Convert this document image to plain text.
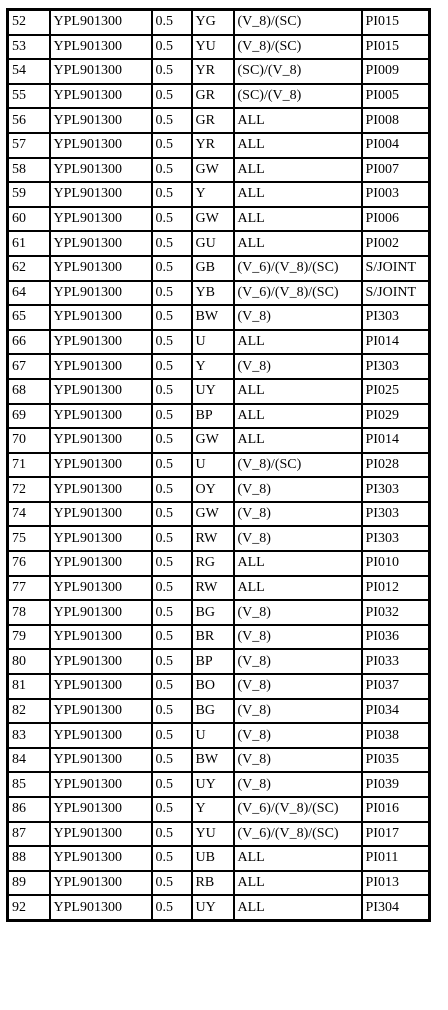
52	YPL901300	0.5	YG	(V_8)/(SC)	PI015
53	YPL901300	0.5	YU	(V_8)/(SC)	PI015
54	YPL901300	0.5	YR	(SC)/(V_8)	PI009
55	YPL901300	0.5	GR	(SC)/(V_8)	PI005
56	YPL901300	0.5	GR	ALL	PI008
57	YPL901300	0.5	YR	ALL	PI004
58	YPL901300	0.5	GW	ALL	PI007
59	YPL901300	0.5	Y	ALL	PI003
60	YPL901300	0.5	GW	ALL	PI006
61	YPL901300	0.5	GU	ALL	PI002
62	YPL901300	0.5	GB	(V_6)/(V_8)/(SC)	S/JOINT
64	YPL901300	0.5	YB	(V_6)/(V_8)/(SC)	S/JOINT
65	YPL901300	0.5	BW	(V_8)	PI303
66	YPL901300	0.5	U	ALL	PI014
67	YPL901300	0.5	Y	(V_8)	PI303
68	YPL901300	0.5	UY	ALL	PI025
69	YPL901300	0.5	BP	ALL	PI029
70	YPL901300	0.5	GW	ALL	PI014
71	YPL901300	0.5	U	(V_8)/(SC)	PI028
72	YPL901300	0.5	OY	(V_8)	PI303
74	YPL901300	0.5	GW	(V_8)	PI303
75	YPL901300	0.5	RW	(V_8)	PI303
76	YPL901300	0.5	RG	ALL	PI010
77	YPL901300	0.5	RW	ALL	PI012
78	YPL901300	0.5	BG	(V_8)	PI032
79	YPL901300	0.5	BR	(V_8)	PI036
80	YPL901300	0.5	BP	(V_8)	PI033
81	YPL901300	0.5	BO	(V_8)	PI037
82	YPL901300	0.5	BG	(V_8)	PI034
83	YPL901300	0.5	U	(V_8)	PI038
84	YPL901300	0.5	BW	(V_8)	PI035
85	YPL901300	0.5	UY	(V_8)	PI039
86	YPL901300	0.5	Y	(V_6)/(V_8)/(SC)	PI016
87	YPL901300	0.5	YU	(V_6)/(V_8)/(SC)	PI017
88	YPL901300	0.5	UB	ALL	PI011
89	YPL901300	0.5	RB	ALL	PI013
92	YPL901300	0.5	UY	ALL	PI304
